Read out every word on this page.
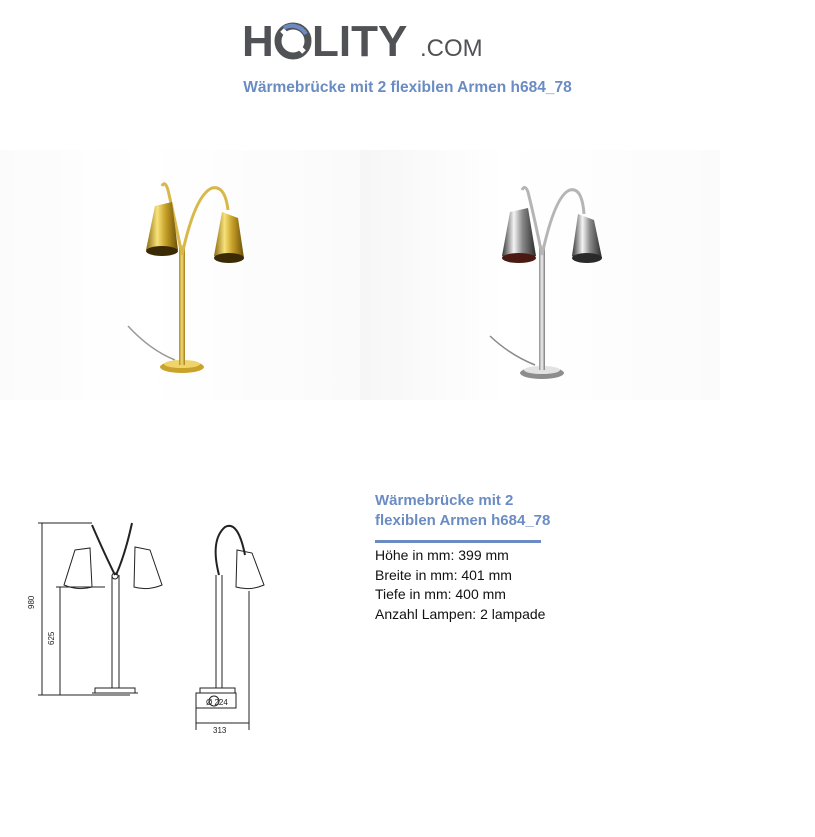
H LITY .COM
Wärmebrücke mit 2 flexiblen Armen h684_78
980
625
Ø 224
313
Wärmebrücke mit 2
flexiblen Armen h684_78
Höhe in mm: 399 mm
Breite in mm: 401 mm
Tiefe in mm: 400 mm
Anzahl Lampen: 2 lampade
